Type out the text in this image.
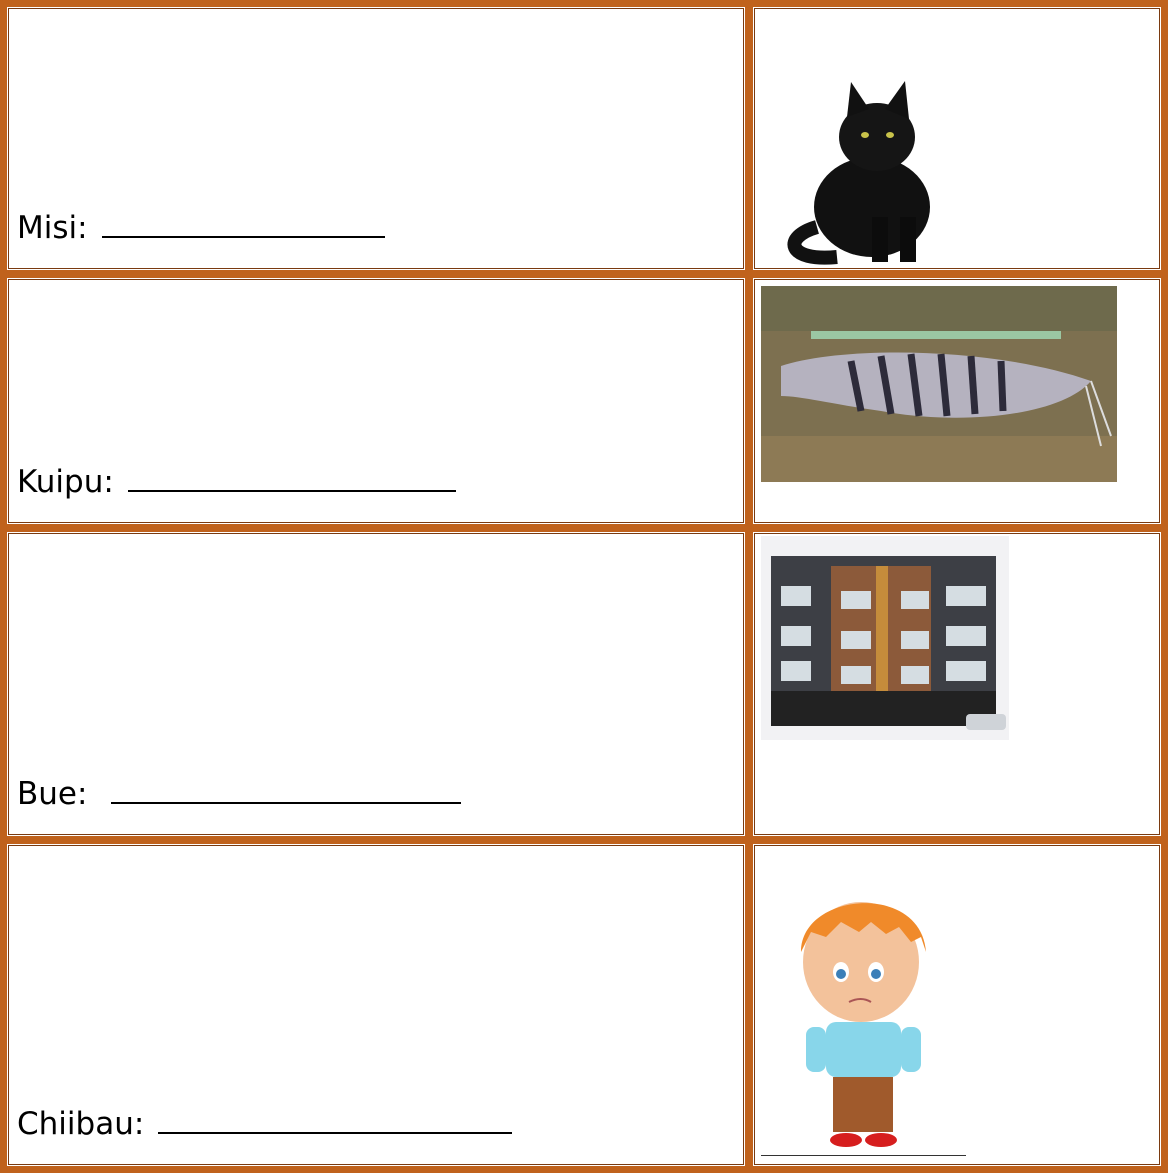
Misi:
Kuipu:
Bue:
Chiibau:
